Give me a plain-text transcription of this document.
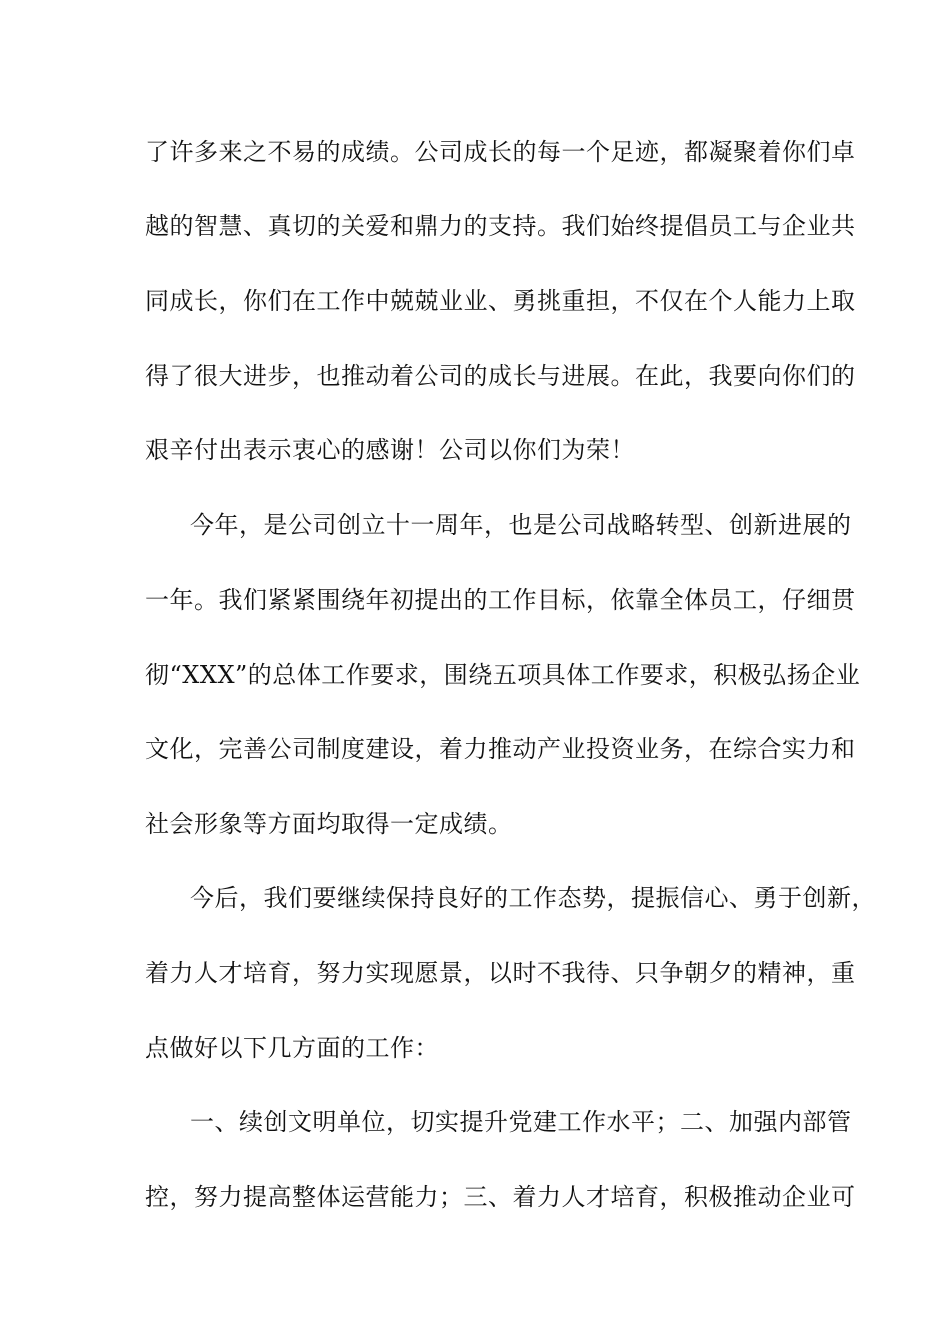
了许多来之不易的成绩。公司成长的每一个足迹，都凝聚着你们卓
越的智慧、真切的关爱和鼎力的支持。我们始终提倡员工与企业共
同成长，你们在工作中兢兢业业、勇挑重担，不仅在个人能力上取
得了很大进步，也推动着公司的成长与进展。在此，我要向你们的
艰辛付出表示衷心的感谢！公司以你们为荣！
今年，是公司创立十一周年，也是公司战略转型、创新进展的
一年。我们紧紧围绕年初提出的工作目标，依靠全体员工，仔细贯
彻“XXX”的总体工作要求，围绕五项具体工作要求，积极弘扬企业
文化，完善公司制度建设，着力推动产业投资业务，在综合实力和
社会形象等方面均取得一定成绩。
今后，我们要继续保持良好的工作态势，提振信心、勇于创新，
着力人才培育，努力实现愿景，以时不我待、只争朝夕的精神，重
点做好以下几方面的工作：
一、续创文明单位，切实提升党建工作水平；二、加强内部管
控，努力提高整体运营能力；三、着力人才培育，积极推动企业可
